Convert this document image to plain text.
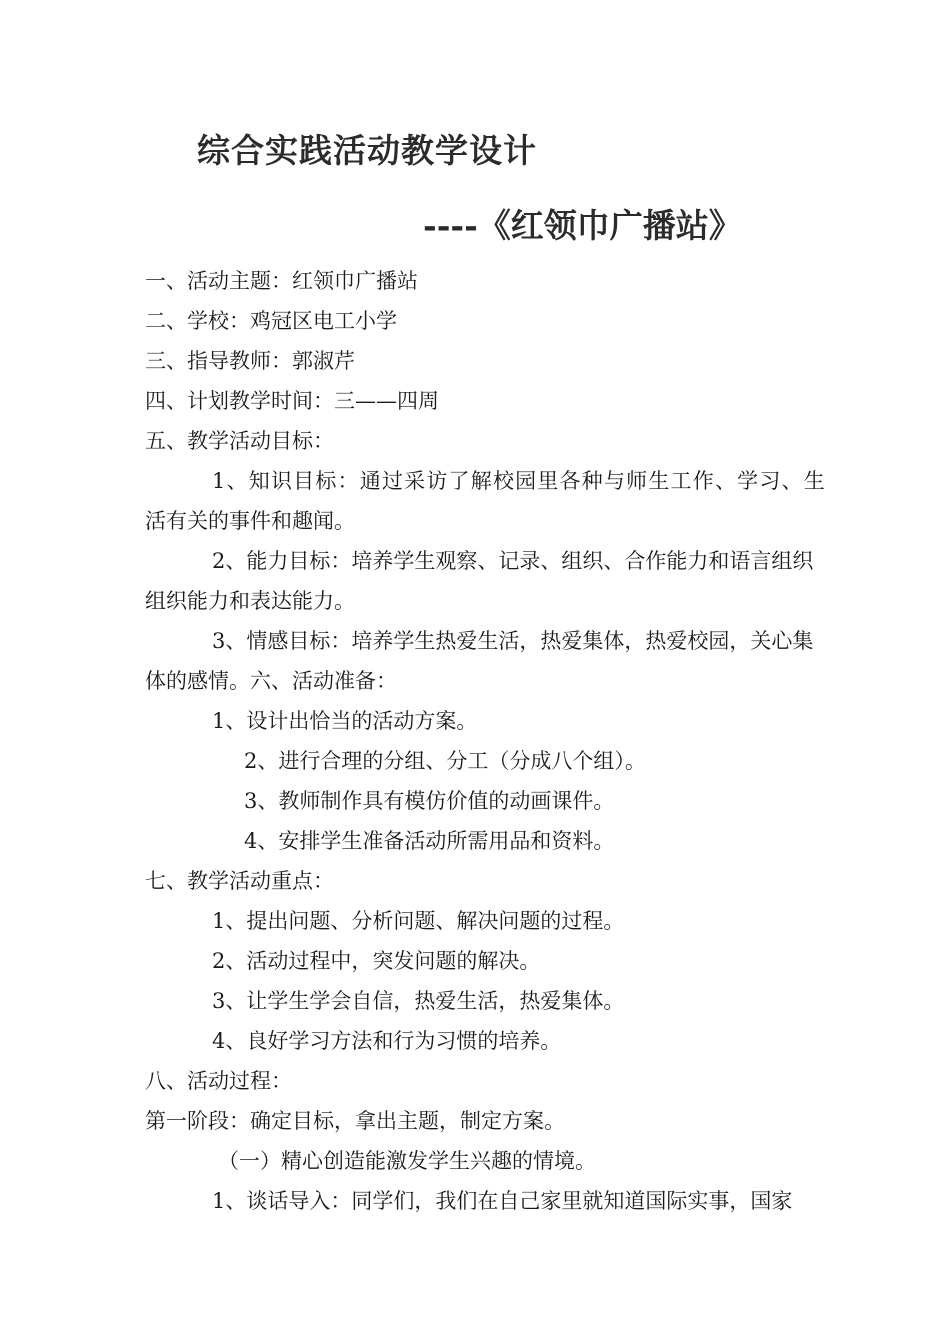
综合实践活动教学设计
----《红领巾广播站》
一、活动主题：红领巾广播站
二、学校：鸡冠区电工小学
三、指导教师：郭淑芹
四、计划教学时间：三——四周
五、教学活动目标：
1、知识目标：通过采访了解校园里各种与师生工作、学习、生
活有关的事件和趣闻。
2、能力目标：培养学生观察、记录、组织、合作能力和语言组织
组织能力和表达能力。
3、情感目标：培养学生热爱生活，热爱集体，热爱校园，关心集
体的感情。六、活动准备：
1、设计出恰当的活动方案。
2、进行合理的分组、分工（分成八个组）。
3、教师制作具有模仿价值的动画课件。
4、安排学生准备活动所需用品和资料。
七、教学活动重点：
1、提出问题、分析问题、解决问题的过程。
2、活动过程中，突发问题的解决。
3、让学生学会自信，热爱生活，热爱集体。
4、良好学习方法和行为习惯的培养。
八、活动过程：
第一阶段：确定目标，拿出主题，制定方案。
（一）精心创造能激发学生兴趣的情境。
1、谈话导入：同学们，我们在自己家里就知道国际实事，国家
